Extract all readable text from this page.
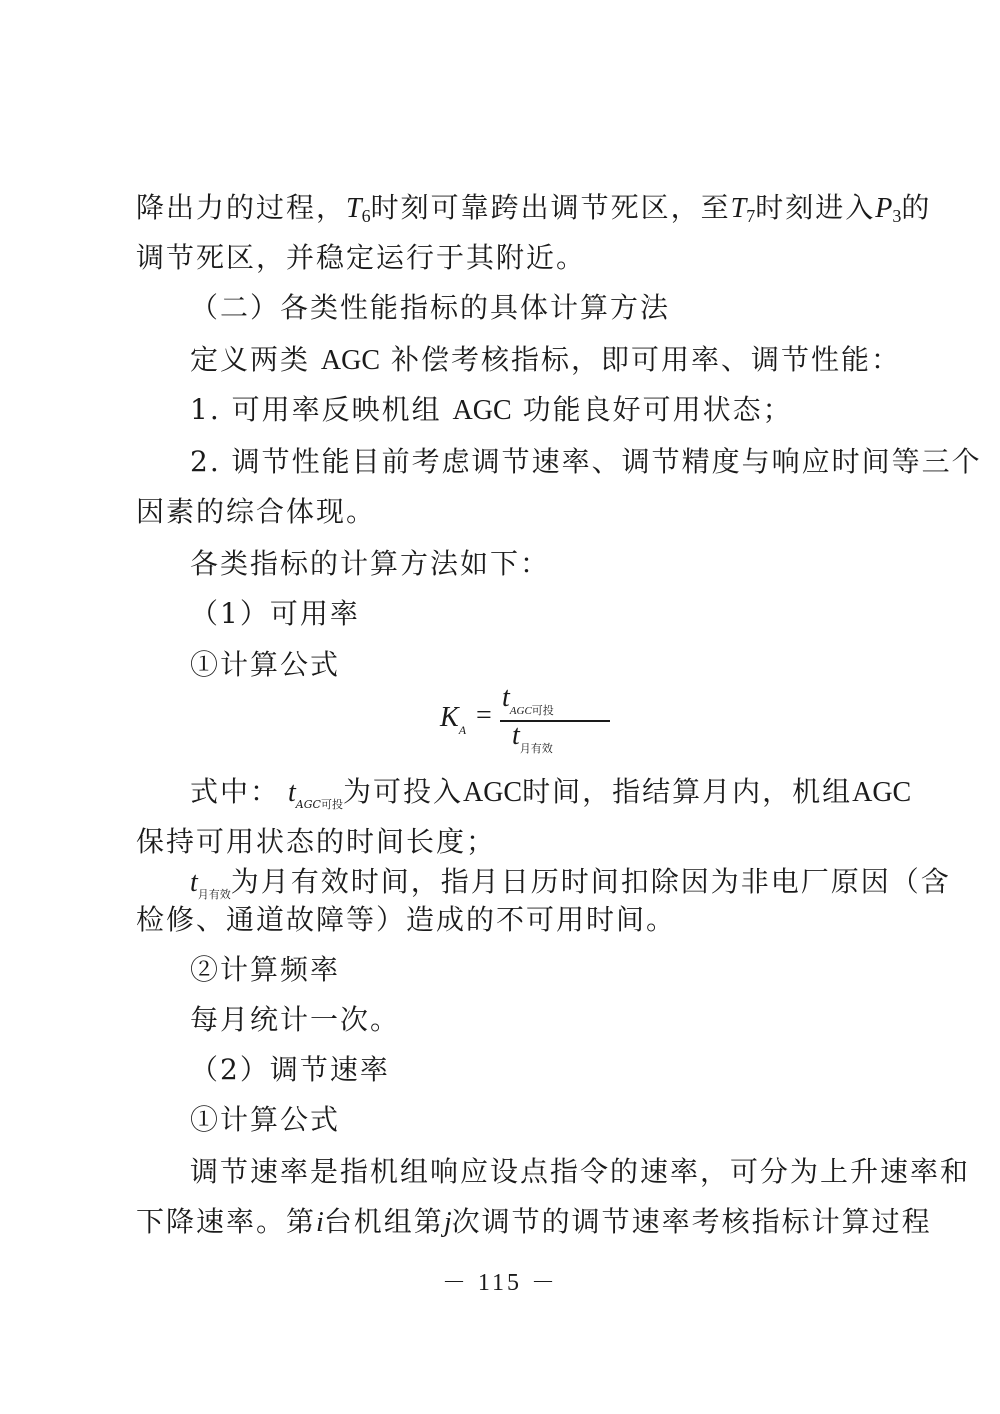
降出力的过程，$T_6$时刻可靠跨出调节死区，至$T_7$时刻进入$P_3$的
调节死区，并稳定运行于其附近。
（二）各类性能指标的具体计算方法
定义两类 AGC 补偿考核指标，即可用率、调节性能：
1. 可用率反映机组 AGC 功能良好可用状态；
2. 调节性能目前考虑调节速率、调节精度与响应时间等三个
因素的综合体现。
各类指标的计算方法如下：
（1）可用率
①计算公式
$K_A$ =
$t_{AGC可投}$
$t_{月有效}$
式中： $t_{AGC可投}$为可投入AGC时间，指结算月内，机组AGC
保持可用状态的时间长度；
$t_{月有效}$为月有效时间，指月日历时间扣除因为非电厂原因（含
检修、通道故障等）造成的不可用时间。
②计算频率
每月统计一次。
（2）调节速率
①计算公式
调节速率是指机组响应设点指令的速率，可分为上升速率和
下降速率。第i台机组第j次调节的调节速率考核指标计算过程
－ 115 －
